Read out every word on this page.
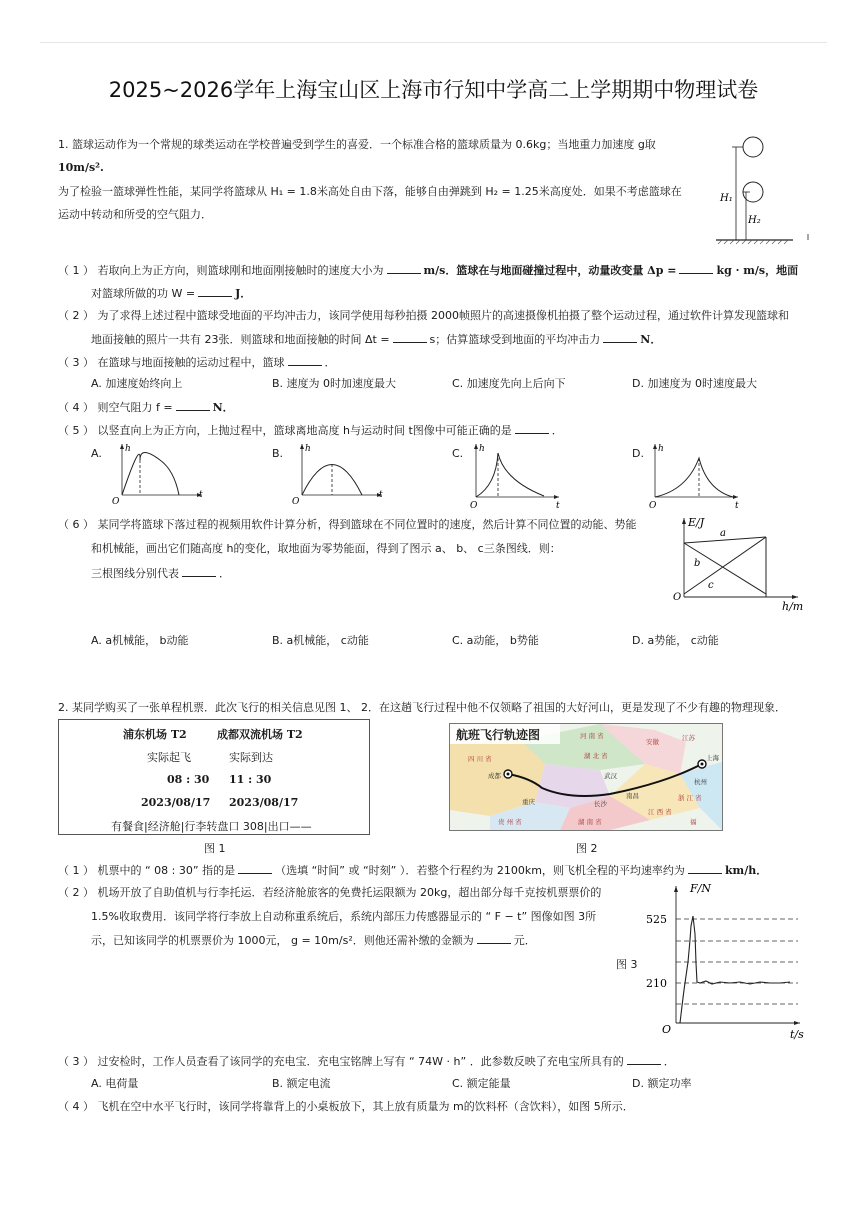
2025~2026学年上海宝山区上海市行知中学高二上学期期中物理试卷
1. 篮球运动作为一个常规的球类运动在学校普遍受到学生的喜爱．一个标准合格的篮球质量为 0.6kg；当地重力加速度 g取
10m/s².
为了检验一篮球弹性性能，某同学将篮球从 H₁ = 1.8米高处自由下落，能够自由弹跳到 H₂ = 1.25米高度处．如果不考虑篮球在
运动中转动和所受的空气阻力．
H₁
H₂
（ 1 ） 若取向上为正方向，则篮球刚和地面刚接触时的速度大小为	m/s．篮球在与地面碰撞过程中，动量改变量 Δp =	kg · m/s，地面
对篮球所做的功 W =	J．
（ 2 ） 为了求得上述过程中篮球受地面的平均冲击力，该同学使用每秒拍摄 2000帧照片的高速摄像机拍摄了整个运动过程，通过软件计算发现篮球和
地面接触的照片一共有 23张．则篮球和地面接触的时间 Δt =	s；估算篮球受到地面的平均冲击力	N．
（ 3 ） 在篮球与地面接触的运动过程中，篮球	．
A. 加速度始终向上	B. 速度为 0时加速度最大	C. 加速度先向上后向下	D. 加速度为 0时速度最大
（ 4 ） 则空气阻力 f =	N．
（ 5 ） 以竖直向上为正方向，上抛过程中，篮球离地高度 h与运动时间 t图像中可能正确的是	．
A.	h
t
O
B. h
t
O
C. h
t
O
D. h
t
O
（ 6 ） 某同学将篮球下落过程的视频用软件计算分析，得到篮球在不同位置时的速度，然后计算不同位置的动能、势能
和机械能，画出它们随高度 h的变化，取地面为零势能面，得到了图示 a、 b、 c三条图线．则：
三根图线分别代表	．
E/J
h/m
a
b
c
O
A. a机械能， b动能	B. a机械能， c动能	C. a动能， b势能	D. a势能， c动能
2. 某同学购买了一张单程机票．此次飞行的相关信息见图 1、 2．在这趟飞行过程中他不仅领略了祖国的大好河山，更是发现了不少有趣的物理现象．
浦东机场 T2	成都双流机场 T2
实际起飞	实际到达
08 : 30 11 : 30
2023/08/17 2023/08/17
有餐食|经济舱|行李转盘口 308|出口——
航班飞行轨迹图
四 川 省
成都
重庆
湖 北 省
河 南 省
安徽	江苏
武汉
上海
杭州
长沙
浙 江 省
湖 南 省
江 西 省
贵 州 省
南昌
福
图 1	图 2
（ 1 ） 机票中的 “ 08 : 30” 指的是	（选填 “时间” 或 “时刻” ）．若整个行程约为 2100km，则飞机全程的平均速率约为	km/h．
（ 2 ） 机场开放了自助值机与行李托运．若经济舱旅客的免费托运限额为 20kg，超出部分每千克按机票票价的
1.5%收取费用．该同学将行李放上自动称重系统后，系统内部压力传感器显示的 “ F − t” 图像如图 3所
示，已知该同学的机票票价为 1000元， g = 10m/s²．则他还需补缴的金额为	元．
图 3
F/N
t/s
525
210
O
（ 3 ） 过安检时，工作人员查看了该同学的充电宝．充电宝铭牌上写有 “ 74W · h” ．此参数反映了充电宝所具有的	．
A. 电荷量	B. 额定电流	C. 额定能量	D. 额定功率
（ 4 ） 飞机在空中水平飞行时，该同学将靠背上的小桌板放下，其上放有质量为 m的饮料杯（含饮料），如图 5所示．
